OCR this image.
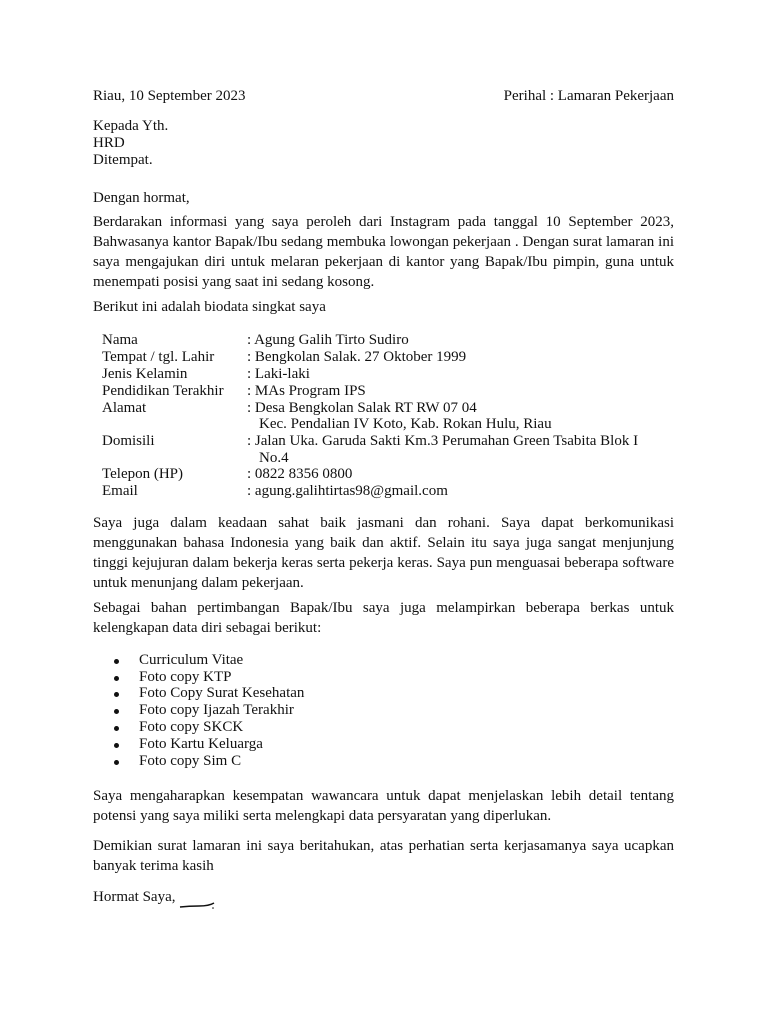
Riau, 10 September 2023	Perihal : Lamaran Pekerjaan
Kepada Yth.
HRD
Ditempat.
Dengan hormat,

Berdarakan informasi yang saya peroleh dari Instagram pada tanggal 10 September 2023, Bahwasanya kantor Bapak/Ibu sedang membuka lowongan pekerjaan . Dengan surat lamaran ini saya mengajukan diri untuk melaran pekerjaan di kantor yang Bapak/Ibu pimpin, guna untuk menempati posisi yang saat ini sedang kosong.

Berikut ini adalah biodata singkat saya
Nama	: Agung Galih Tirto Sudiro
Tempat / tgl. Lahir : Bengkolan Salak. 27 Oktober 1999
Jenis Kelamin	: Laki-laki
Pendidikan Terakhir : MAs Program IPS
Alamat	: Desa Bengkolan Salak RT RW 07 04
Kec. Pendalian IV Koto, Kab. Rokan Hulu, Riau
Domisili	: Jalan Uka. Garuda Sakti Km.3 Perumahan Green Tsabita Blok I
No.4
Telepon (HP)	: 0822 8356 0800
Email	: agung.galihtirtas98@gmail.com

Saya juga dalam keadaan sahat baik jasmani dan rohani. Saya dapat berkomunikasi menggunakan bahasa Indonesia yang baik dan aktif. Selain itu saya juga sangat menjunjung tinggi kejujuran dalam bekerja keras serta pekerja keras. Saya pun menguasai beberapa software untuk menunjang dalam pekerjaan.

Sebagai bahan pertimbangan Bapak/Ibu saya juga melampirkan beberapa berkas untuk kelengkapan data diri sebagai berikut:

Curriculum Vitae
Foto copy KTP
Foto Copy Surat Kesehatan
Foto copy Ijazah Terakhir
Foto copy SKCK
Foto Kartu Keluarga
Foto copy Sim C

Saya mengaharapkan kesempatan wawancara untuk dapat menjelaskan lebih detail tentang potensi yang saya miliki serta melengkapi data persyaratan yang diperlukan.

Demikian surat lamaran ini saya beritahukan, atas perhatian serta kerjasamanya saya ucapkan banyak terima kasih

Hormat Saya,
